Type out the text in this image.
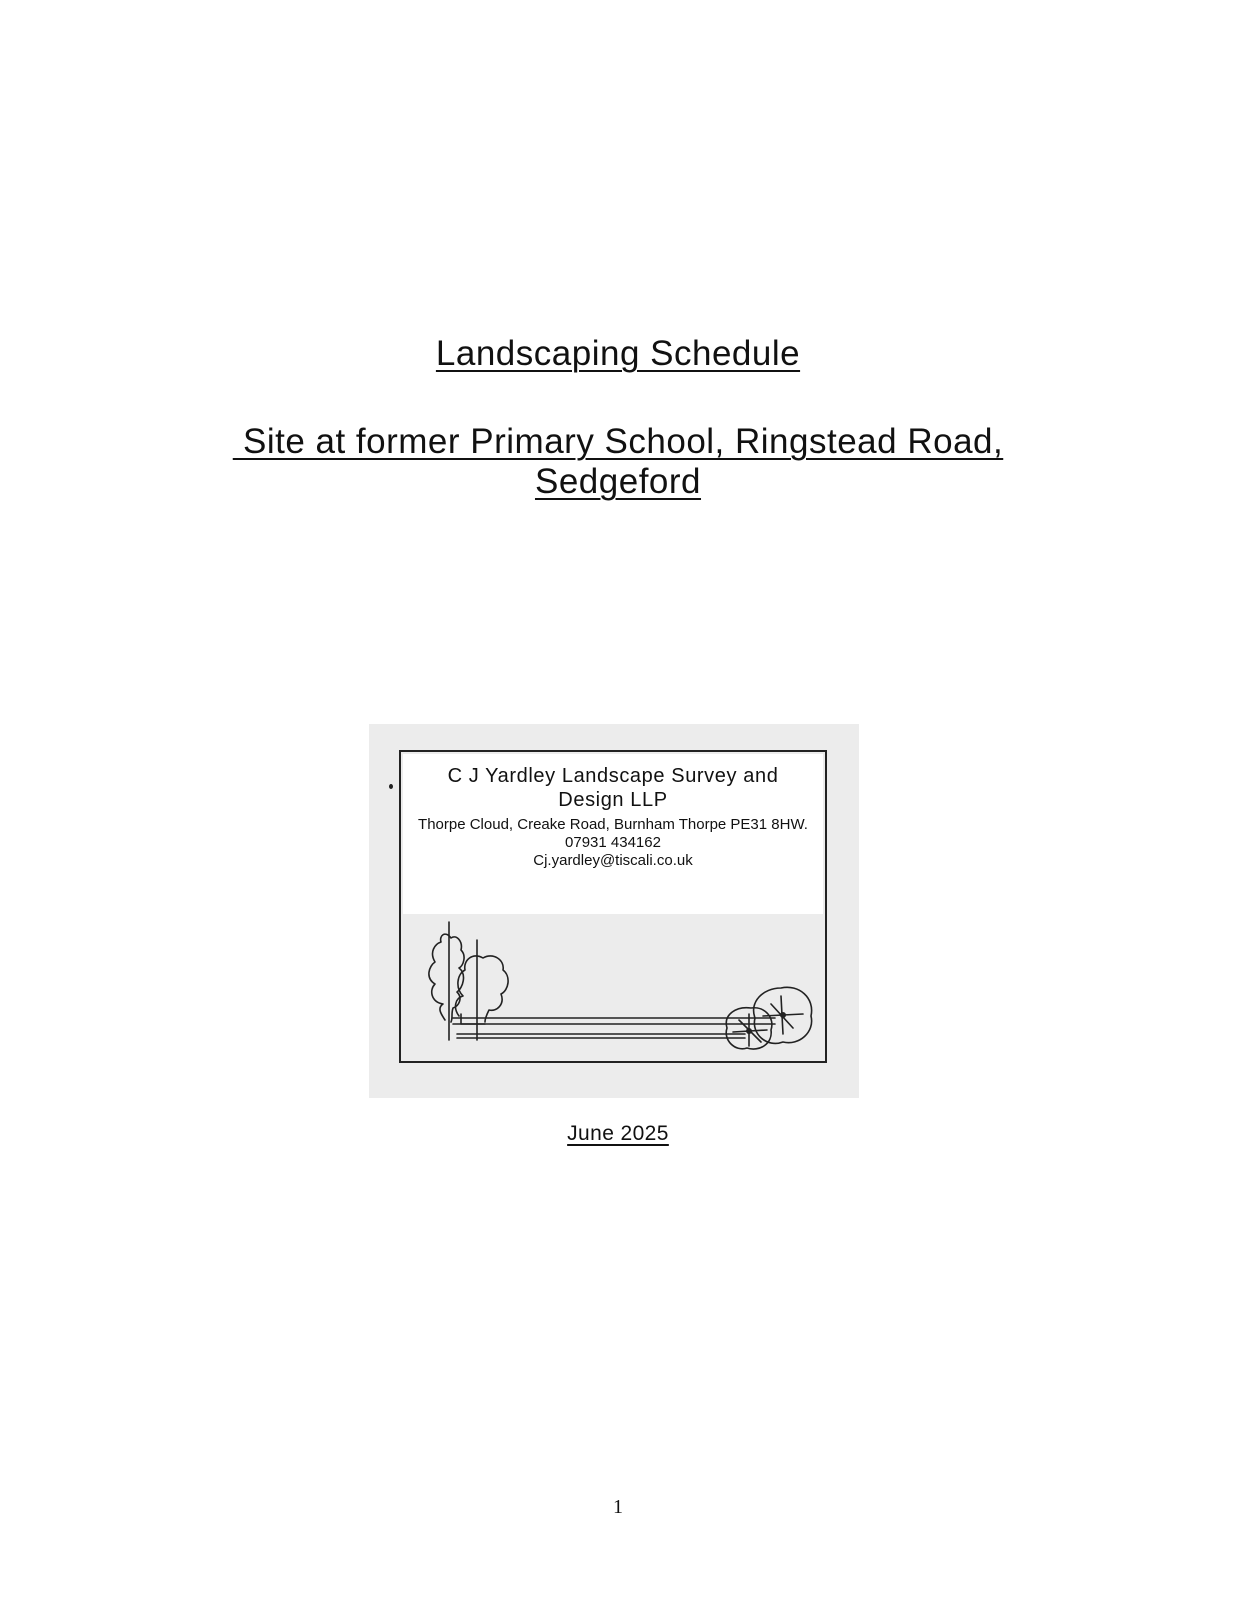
Landscaping Schedule
Site at former Primary School, Ringstead Road,
Sedgeford
C J Yardley Landscape Survey and Design LLP
Thorpe Cloud, Creake Road, Burnham Thorpe PE31 8HW.
07931 434162
Cj.yardley@tiscali.co.uk
June 2025
1
